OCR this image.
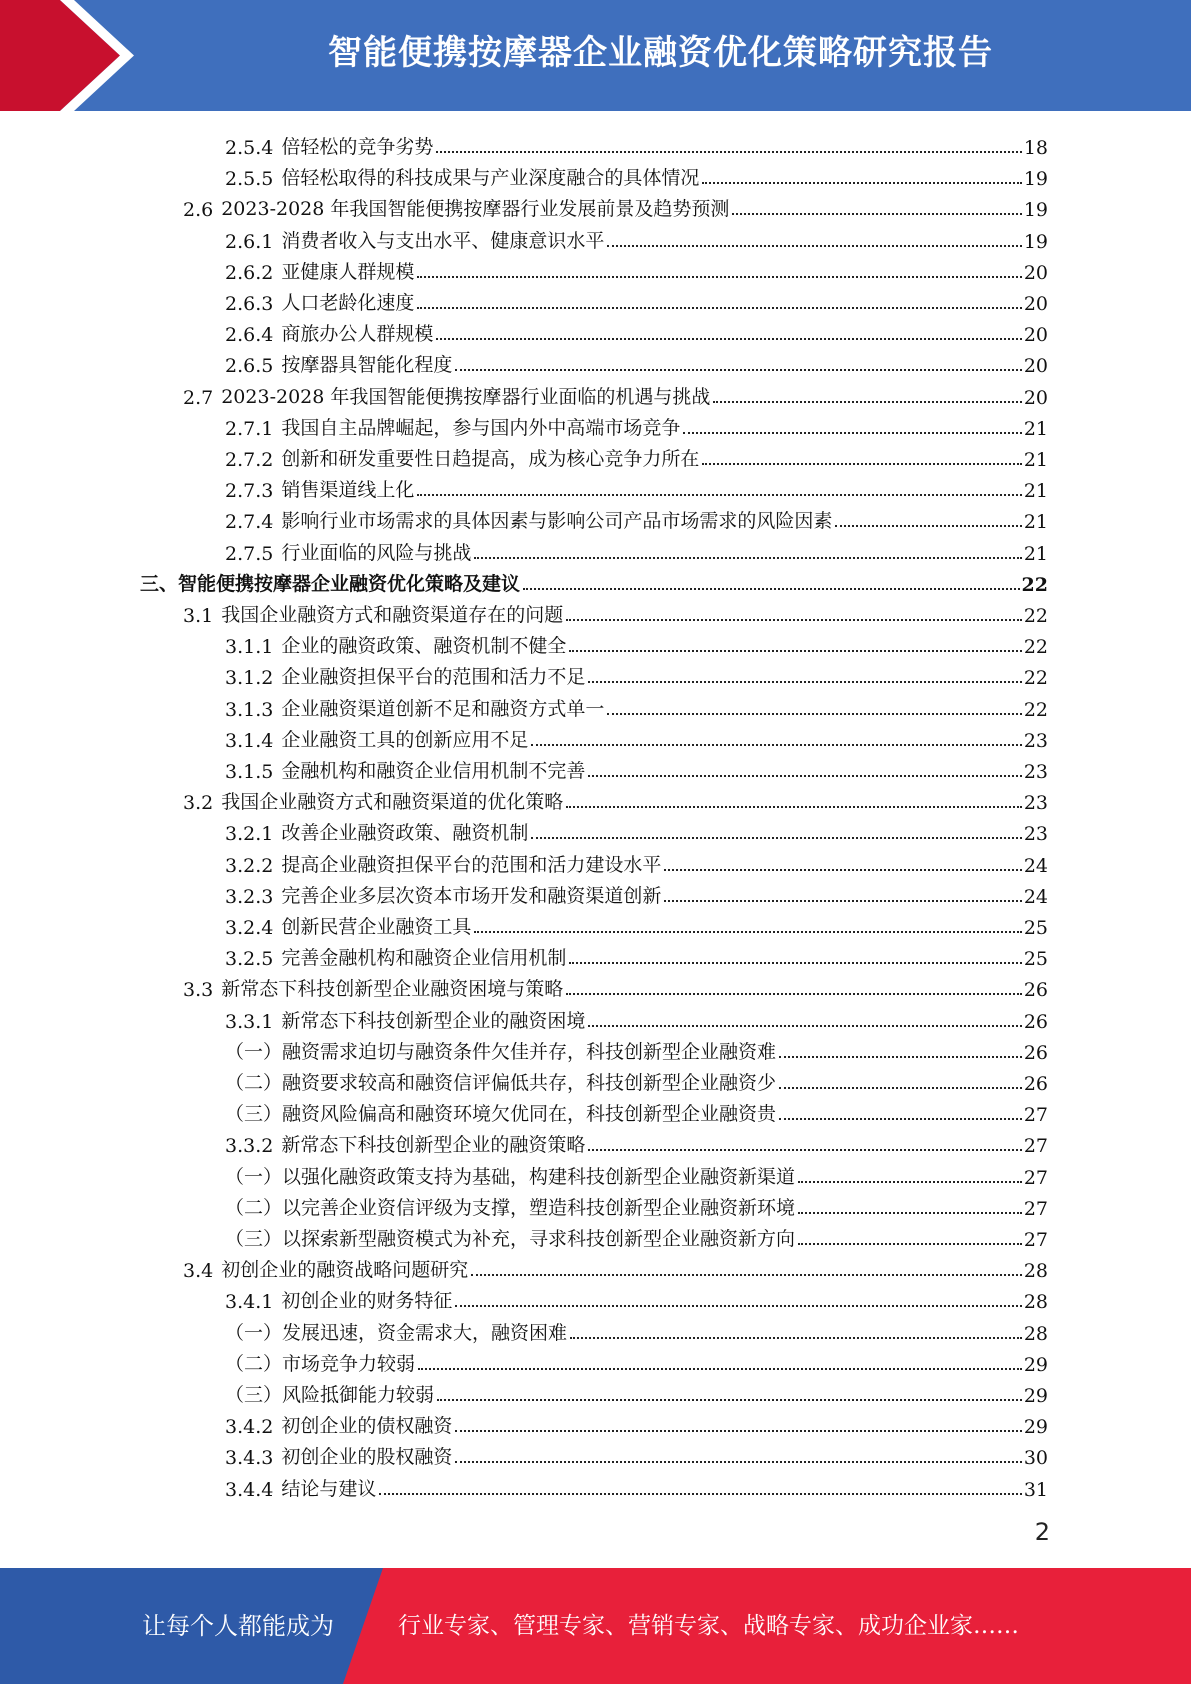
智能便携按摩器企业融资优化策略研究报告
2.5.4 倍轻松的竞争劣势	18
2.5.5 倍轻松取得的科技成果与产业深度融合的具体情况	19
2.6 2023-2028 年我国智能便携按摩器行业发展前景及趋势预测	19
2.6.1 消费者收入与支出水平、健康意识水平	19
2.6.2 亚健康人群规模	20
2.6.3 人口老龄化速度	20
2.6.4 商旅办公人群规模	20
2.6.5 按摩器具智能化程度	20
2.7 2023-2028 年我国智能便携按摩器行业面临的机遇与挑战	20
2.7.1 我国自主品牌崛起，参与国内外中高端市场竞争	21
2.7.2 创新和研发重要性日趋提高，成为核心竞争力所在	21
2.7.3 销售渠道线上化	21
2.7.4 影响行业市场需求的具体因素与影响公司产品市场需求的风险因素	21
2.7.5 行业面临的风险与挑战	21
三、 智能便携按摩器企业融资优化策略及建议	22
3.1 我国企业融资方式和融资渠道存在的问题	22
3.1.1 企业的融资政策、融资机制不健全	22
3.1.2 企业融资担保平台的范围和活力不足	22
3.1.3 企业融资渠道创新不足和融资方式单一	22
3.1.4 企业融资工具的创新应用不足	23
3.1.5 金融机构和融资企业信用机制不完善	23
3.2 我国企业融资方式和融资渠道的优化策略	23
3.2.1 改善企业融资政策、融资机制	23
3.2.2 提高企业融资担保平台的范围和活力建设水平	24
3.2.3 完善企业多层次资本市场开发和融资渠道创新	24
3.2.4 创新民营企业融资工具	25
3.2.5 完善金融机构和融资企业信用机制	25
3.3 新常态下科技创新型企业融资困境与策略	26
3.3.1 新常态下科技创新型企业的融资困境	26
（一） 融资需求迫切与融资条件欠佳并存，科技创新型企业融资难	26
（二） 融资要求较高和融资信评偏低共存，科技创新型企业融资少	26
（三） 融资风险偏高和融资环境欠优同在，科技创新型企业融资贵	27
3.3.2 新常态下科技创新型企业的融资策略	27
（一） 以强化融资政策支持为基础，构建科技创新型企业融资新渠道	27
（二） 以完善企业资信评级为支撑，塑造科技创新型企业融资新环境	27
（三） 以探索新型融资模式为补充，寻求科技创新型企业融资新方向	27
3.4 初创企业的融资战略问题研究	28
3.4.1 初创企业的财务特征	28
（一） 发展迅速，资金需求大，融资困难	28
（二） 市场竞争力较弱	29
（三） 风险抵御能力较弱	29
3.4.2 初创企业的债权融资	29
3.4.3 初创企业的股权融资	30
3.4.4 结论与建议	31
2
让每个人都能成为	行业专家、管理专家、营销专家、战略专家、成功企业家……
